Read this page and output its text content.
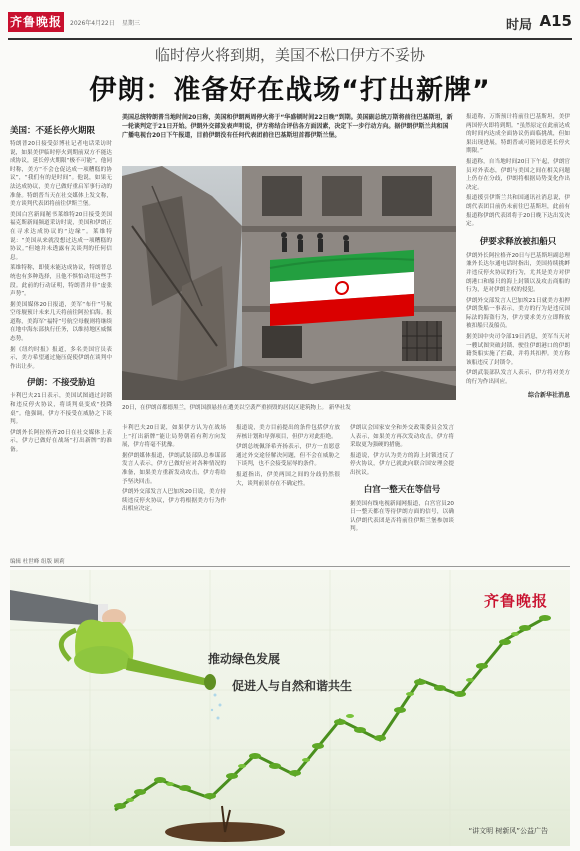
齐鲁晚报	2026年4月22日 星期三	时局 A15
临时停火将到期，美国不松口伊方不妥协
伊朗：准备好在战场“打出新牌”
美国总统特朗普当地时间20日称，美国和伊朗两周停火将于“华盛顿时间22日晚”到期。美国副总统万斯将前往巴基斯坦，新一轮谈判定于21日开始。伊朗外交部发表声明说，伊方将结合评估各方面因素，决定下一步行动方向。据伊朗伊斯兰共和国广播电视台20日下午报道，目前伊朗没有任何代表团前往巴基斯坦首都伊斯兰堡。
美国：不延长停火期限

特朗普20日接受彭博社记者电话采访时说，如果美伊临时停火到期前双方不能达成协议，延长停火期限“极不可能”。他同时称，美方“不会仓促达成一项糟糕的协议”，“我们有的是时间”。他说，如果无法达成协议，美方已做好重启军事行动的准备。特朗普当天在社交媒体上发文称，美方谈判代表团将前往伊斯兰堡。

美国白宫新闻秘书莱维特20日接受美国福克斯新闻频道采访时说，美国和伊朗正在寻求达成协议的“边缘”。莱维特说：“美国从来就没想过达成一项糟糕的协议。”但她并未透露有关谈判的任何信息。

莱维特称，即使未能达成协议，特朗普总统也有多种选择，且他不惧怕动用这些手段。此前的行动证明，特朗普并非“虚张声势”。

据美国媒体20日报道，美军“布什”号航空母舰预计未来几天将前往阿拉伯海。报道称，美海军“福特”号航空母舰则将继续在地中海东部执行任务，以维持地区威慑态势。

据《纽约时报》报道，多名美国官员表示，美方希望通过施压促使伊朗在谈判中作出让步。

伊朗：不接受胁迫

卡利巴夫21日表示，美国试图通过封锁和违反停火协议，将谈判桌变成“投降桌”。他强调，伊方不接受在威胁之下谈判。

伊朗外长阿拉格齐20日在社交媒体上表示，伊方已做好在战场“打出新牌”的准备。

报道称，万斯预计将前往巴基斯坦，美伊两国停火即将到期。“虽然原定在此前达成的时间内达成全面协议仍面临挑战，但如果出现进展，特朗普或可能同意延长停火期限。”

报道称，自当地时间20日下午起，伊朗官员对外表态，伊朗与美国之间在相关问题上仍存在分歧，伊朗将根据局势变化作出决定。

报道援引伊斯兰共和国通讯社消息说，伊朗代表团目前仍未前往巴基斯坦，此前有报道称伊朗代表团将于20日晚下达出发决定。

伊要求释放被扣船只

伊朗外长阿拉格齐20日与巴基斯坦副总理兼外长达尔通电话时指出，美国持续挑衅并违反停火协议的行为，尤其是美方对伊朗港口和船只的海上封锁以及攻击商船的行为，是对伊朗主权的侵犯。

伊朗外交部发言人巴加埃21日就美方扣押伊朗货船一事表示，美方的行为是违反国际法的海盗行为，伊方要求美方立即释放被扣船只及船员。

据美国中央司令部19日消息，美军当天对一艘试图突破封锁、驶往伊朗港口的伊朗籍货船实施了拦截，并将其扣押。美方称该船违反了封锁令。

伊朗武装部队发言人表示，伊方将对美方的行为作出回应。

综合新华社消息
20日，在伊朗首都德黑兰，伊朗国旗悬挂在遭美以空袭严重损毁的居民区建筑物上。 新华社发

卡利巴夫20日说，如果伊方认为在战场上“打出新牌”能让局势朝着有利方向发展，伊方将毫不犹豫。

据伊朗媒体报道，伊朗武装部队总参谋部发言人表示，伊方已做好应对各种情况的准备，如果美方重新发动攻击，伊方将给予坚决回击。

伊朗外交部发言人巴加埃20日说，美方持续违反停火协议，伊方将根据美方行为作出相应决定。

报道说，美方目前提出的条件包括伊方放弃核计划和导弹项目，但伊方对此拒绝。

伊朗总统佩泽希齐扬表示，伊方一直愿意通过外交途径解决问题，但不会在威胁之下谈判，也不会接受屈辱的条件。

报道指出，伊美两国之间的分歧仍然很大，谈判前景存在不确定性。

伊朗议会国家安全和外交政策委员会发言人表示，如果美方再次发动攻击，伊方将采取更为强硬的措施。

报道说，伊方认为美方的海上封锁违反了停火协议，伊方已就此向联合国安理会提出抗议。

白宫一整天在等信号

据美国有线电视新闻网报道，白宫官员20日一整天都在等待伊朗方面的信号，以确认伊朗代表团是否将前往伊斯兰堡参加谈判。

编辑 杜世峰 组版 顾莉
齐鲁晚报
推动绿色发展
促进人与自然和谐共生
“讲文明 树新风”公益广告
